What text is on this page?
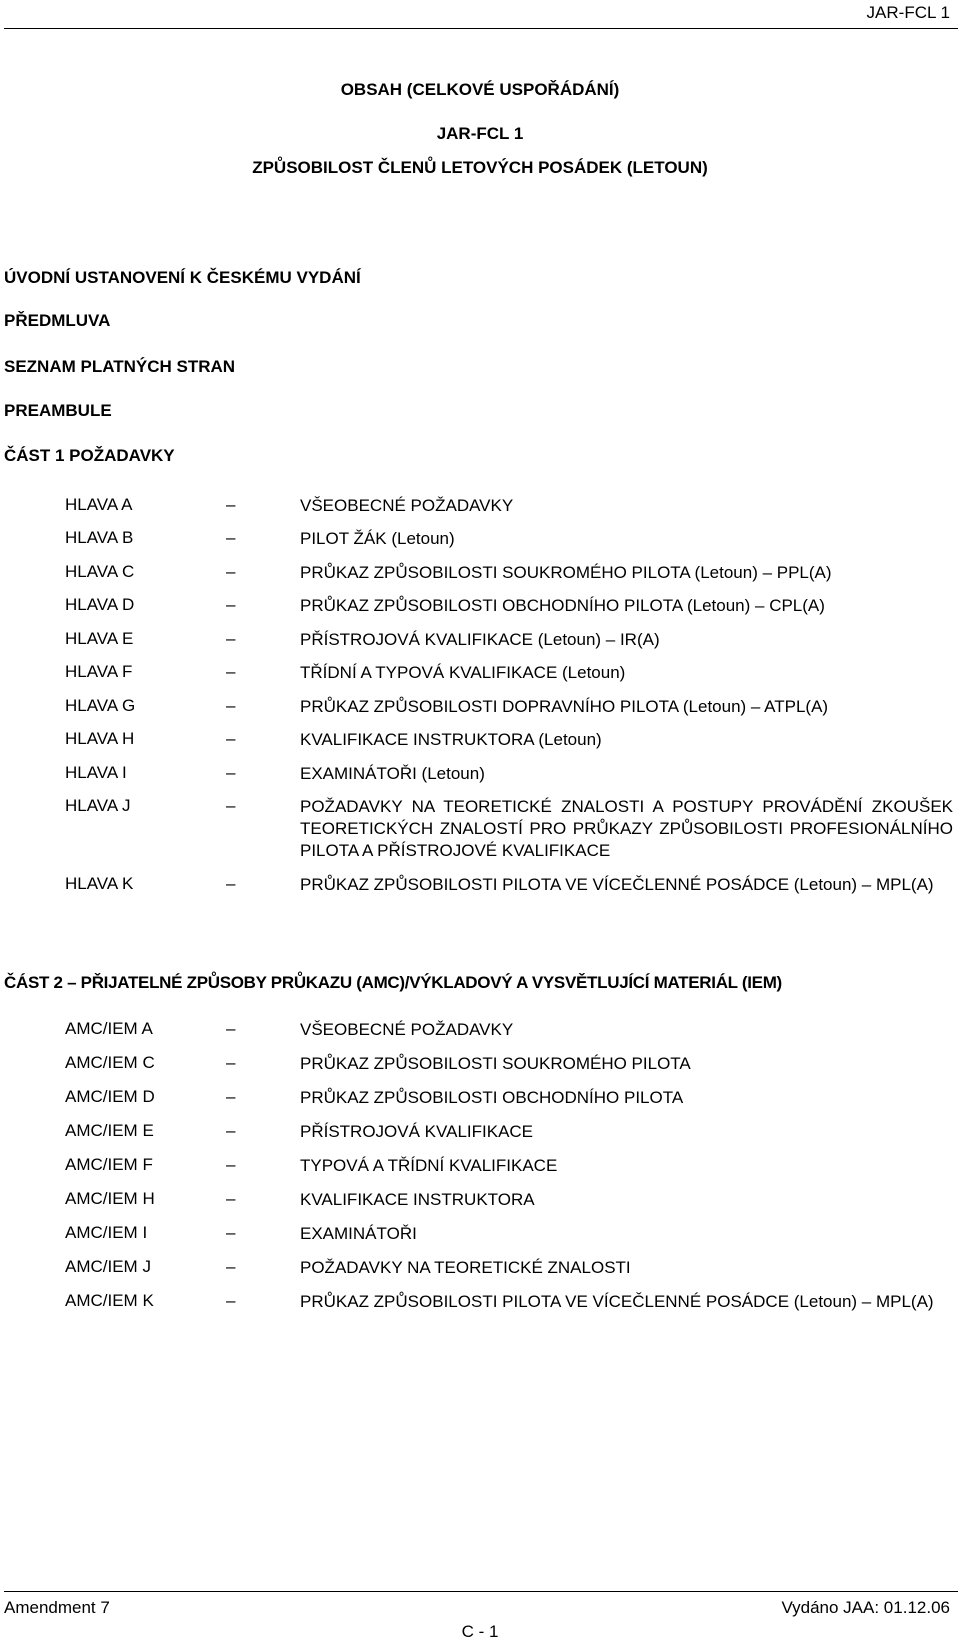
JAR-FCL 1
OBSAH (CELKOVÉ USPOŘÁDÁNÍ)
JAR-FCL 1
ZPŮSOBILOST ČLENŮ LETOVÝCH POSÁDEK (LETOUN)
ÚVODNÍ USTANOVENÍ K ČESKÉMU VYDÁNÍ
PŘEDMLUVA
SEZNAM PLATNÝCH STRAN
PREAMBULE
ČÁST 1 POŽADAVKY
HLAVA A	–	VŠEOBECNÉ POŽADAVKY
HLAVA B	–	PILOT ŽÁK (Letoun)
HLAVA C	–	PRŮKAZ ZPŮSOBILOSTI SOUKROMÉHO PILOTA (Letoun) – PPL(A)
HLAVA D	–	PRŮKAZ ZPŮSOBILOSTI OBCHODNÍHO PILOTA (Letoun) – CPL(A)
HLAVA E	–	PŘÍSTROJOVÁ KVALIFIKACE (Letoun) – IR(A)
HLAVA F	–	TŘÍDNÍ A TYPOVÁ KVALIFIKACE (Letoun)
HLAVA G	–	PRŮKAZ ZPŮSOBILOSTI DOPRAVNÍHO PILOTA (Letoun) – ATPL(A)
HLAVA H	–	KVALIFIKACE INSTRUKTORA (Letoun)
HLAVA I	–	EXAMINÁTOŘI (Letoun)
HLAVA J	–	POŽADAVKY NA TEORETICKÉ ZNALOSTI A POSTUPY PROVÁDĚNÍ ZKOUŠEK TEORETICKÝCH ZNALOSTÍ PRO PRŮKAZY ZPŮSOBILOSTI PROFESIONÁLNÍHO PILOTA A PŘÍSTROJOVÉ KVALIFIKACE
HLAVA K	–	PRŮKAZ ZPŮSOBILOSTI PILOTA VE VÍCEČLENNÉ POSÁDCE (Letoun) – MPL(A)
ČÁST 2 – PŘIJATELNÉ ZPŮSOBY PRŮKAZU (AMC)/VÝKLADOVÝ A VYSVĚTLUJÍCÍ MATERIÁL (IEM)
AMC/IEM A	–	VŠEOBECNÉ POŽADAVKY
AMC/IEM C	–	PRŮKAZ ZPŮSOBILOSTI SOUKROMÉHO PILOTA
AMC/IEM D	–	PRŮKAZ ZPŮSOBILOSTI OBCHODNÍHO PILOTA
AMC/IEM E	–	PŘÍSTROJOVÁ KVALIFIKACE
AMC/IEM F	–	TYPOVÁ A TŘÍDNÍ KVALIFIKACE
AMC/IEM H	–	KVALIFIKACE INSTRUKTORA
AMC/IEM I	–	EXAMINÁTOŘI
AMC/IEM J	–	POŽADAVKY NA TEORETICKÉ ZNALOSTI
AMC/IEM K	–	PRŮKAZ ZPŮSOBILOSTI PILOTA VE VÍCEČLENNÉ POSÁDCE (Letoun) – MPL(A)
Amendment 7	Vydáno JAA: 01.12.06
C - 1
